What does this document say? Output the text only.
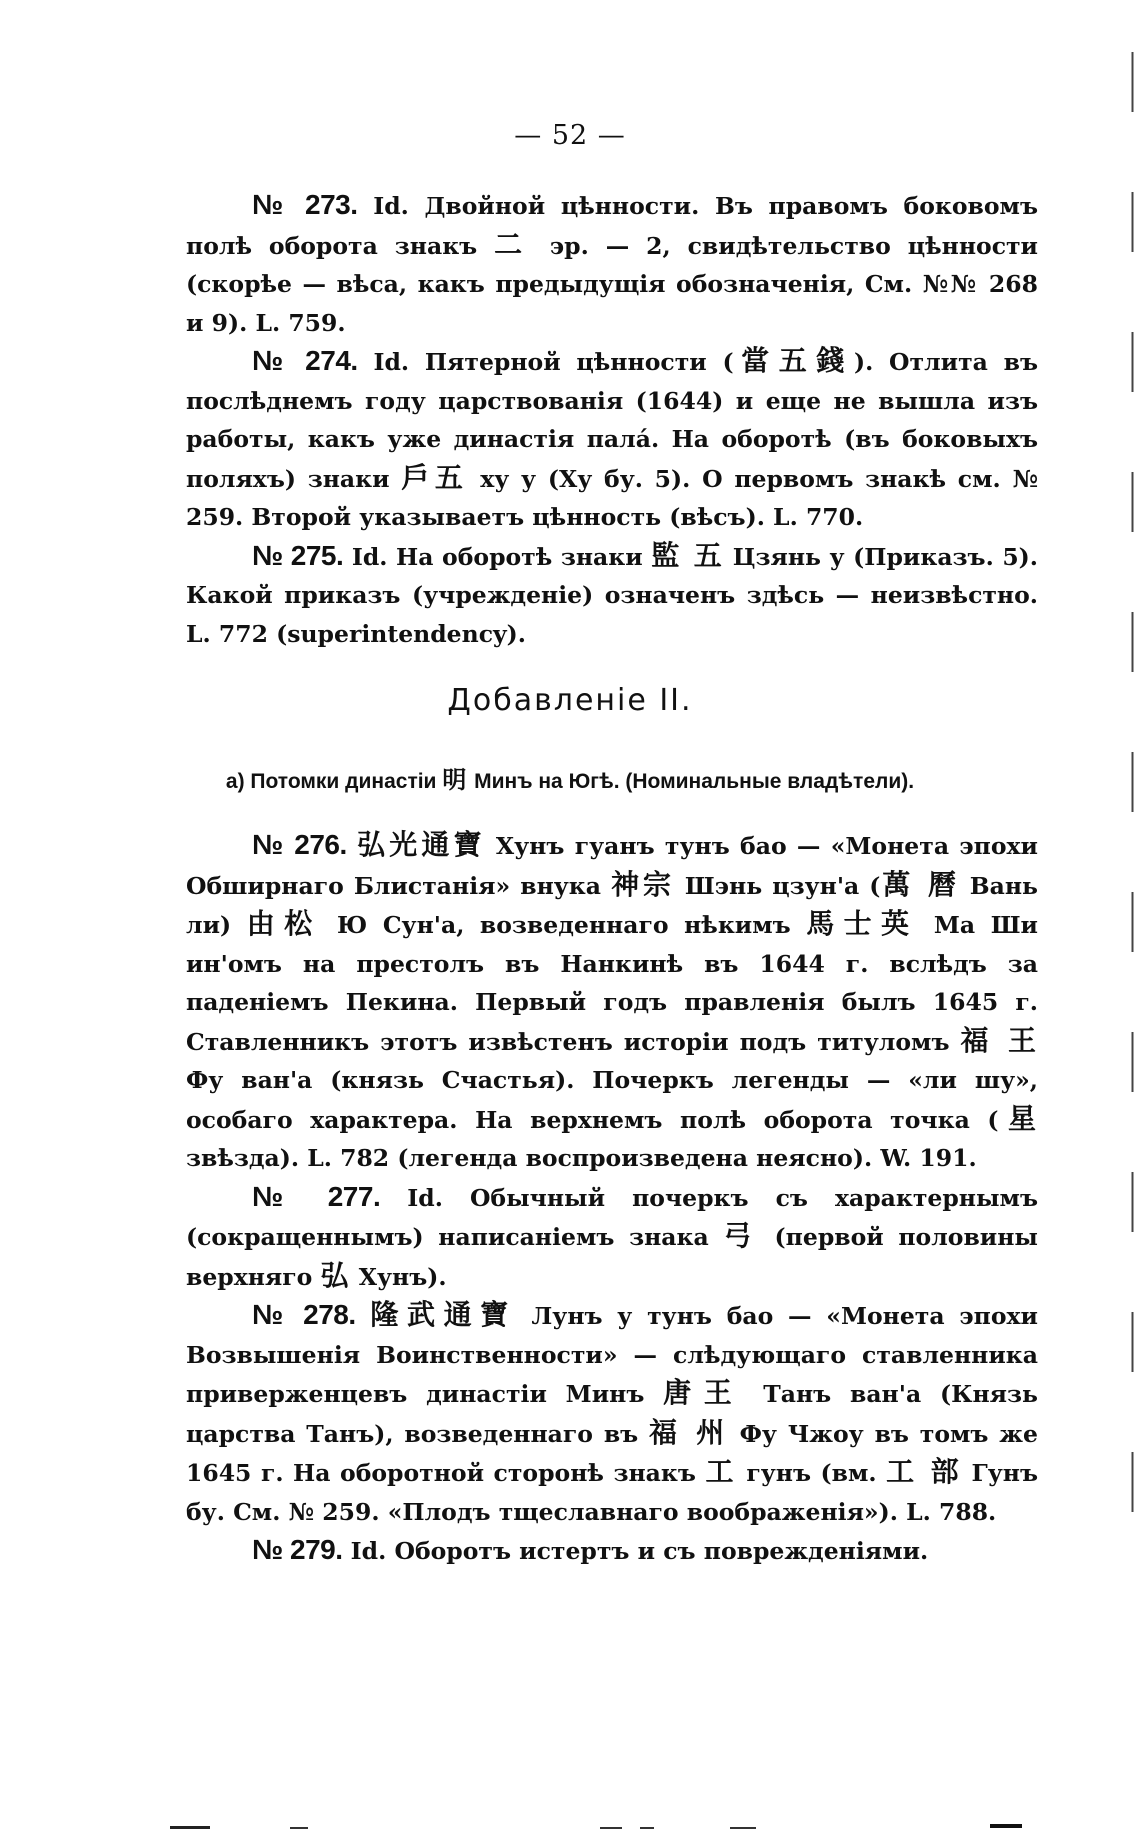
— 52 —

№ 273. Id. Двойной цѣнности. Въ правомъ боковомъ полѣ оборота знакъ 二 эр. — 2, свидѣтельство цѣнности (скорѣе — вѣса, какъ предыдущія обозначенія, См. №№ 268 и 9). L. 759.

№ 274. Id. Пятерной цѣнности (當五錢). Отлита въ послѣднемъ году царствованія (1644) и еще не вышла изъ работы, какъ уже династія палá. На оборотѣ (въ боковыхъ поляхъ) знаки 戶五 ху у (Ху бу. 5). О первомъ знакѣ см. № 259. Второй указываетъ цѣнность (вѣсъ). L. 770.

№ 275. Id. На оборотѣ знаки 監 五 Цзянь у (Приказъ. 5). Какой приказъ (учрежденіе) означенъ здѣсь — неизвѣстно. L. 772 (superintendency).

Добавленіе II.
а) Потомки династіи 明 Минъ на Югѣ. (Номинальные владѣтели).

№ 276. 弘光通寶 Хунъ гуанъ тунъ бао — «Монета эпохи Обширнаго Блистанія» внука 神宗 Шэнь цзун'а (萬 曆 Вань ли) 由松 Ю Сун'а, возведеннаго нѣкимъ 馬士英 Ма Ши ин'омъ на престолъ въ Нанкинѣ въ 1644 г. вслѣдъ за паденіемъ Пекина. Первый годъ правленія былъ 1645 г. Ставленникъ этотъ извѣстенъ исторіи подъ титуломъ 福 王 Фу ван'а (князь Счастья). Почеркъ легенды — «ли шу», особаго характера. На верхнемъ полѣ оборота точка (星 звѣзда). L. 782 (легенда воспроизведена неясно). W. 191.

№ 277. Id. Обычный почеркъ съ характернымъ (сокращеннымъ) написаніемъ знака 弓 (первой половины верхняго 弘 Хунъ).

№ 278. 隆武通寶 Лунъ у тунъ бао — «Монета эпохи Возвышенія Воинственности» — слѣдующаго ставленника приверженцевъ династіи Минъ 唐王 Танъ ван'а (Князь царства Танъ), возведеннаго въ 福 州 Фу Чжоу въ томъ же 1645 г. На оборотной сторонѣ знакъ 工 гунъ (вм. 工 部 Гунъ бу. См. № 259. «Плодъ тщеславнаго воображенія»). L. 788.

№ 279. Id. Оборотъ истертъ и съ поврежденіями.
